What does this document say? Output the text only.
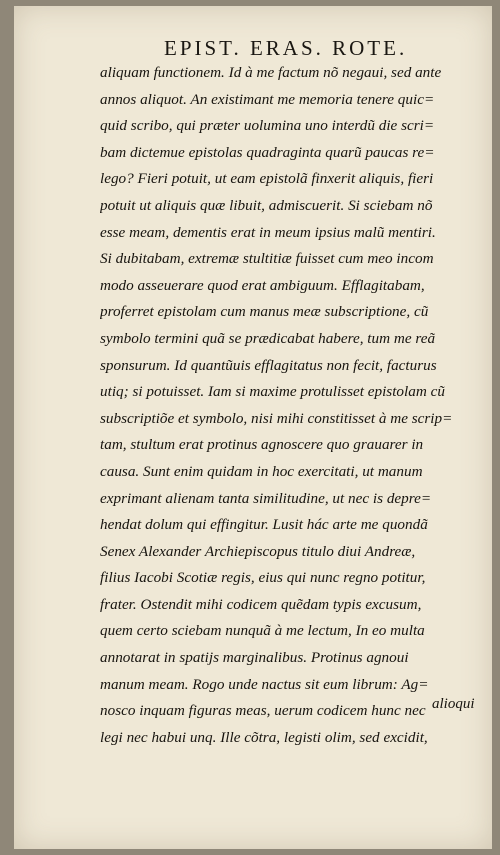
EPIST. ERAS. ROTE.
aliquam functionem. Id à me factum nõ negaui, sed ante
annos aliquot. An existimant me memoria tenere quic=
quid scribo, qui præter uolumina uno interdũ die scri=
bam dictemue epistolas quadraginta quarũ paucas re=
lego? Fieri potuit, ut eam epistolã finxerit aliquis, fieri
potuit ut aliquis quæ libuit, admiscuerit. Si sciebam nõ
esse meam, dementis erat in meum ipsius malũ mentiri.
Si dubitabam, extremæ stultitiæ fuisset cum meo incom
modo asseuerare quod erat ambiguum. Efflagitabam,
proferret epistolam cum manus meæ subscriptione, cũ
symbolo termini quã se prædicabat habere, tum me reã
sponsurum. Id quantũuis efflagitatus non fecit, facturus
utiq; si potuisset. Iam si maxime protulisset epistolam cũ
subscriptiõe et symbolo, nisi mihi constitisset à me scrip=
tam, stultum erat protinus agnoscere quo grauarer in
causa. Sunt enim quidam in hoc exercitati, ut manum
exprimant alienam tanta similitudine, ut nec is depre=
hendat dolum qui effingitur. Lusit hác arte me quondã
Senex Alexander Archiepiscopus titulo diui Andreæ,
filius Iacobi Scotiæ regis, eius qui nunc regno potitur,
frater. Ostendit mihi codicem quẽdam typis excusum,
quem certo sciebam nunquã à me lectum, In eo multa
annotarat in spatijs marginalibus. Protinus agnoui
manum meam. Rogo unde nactus sit eum librum: Ag=
nosco inquam figuras meas, uerum codicem hunc nec
legi nec habui unq. Ille cõtra, legisti olim, sed excidit,
alioqui
